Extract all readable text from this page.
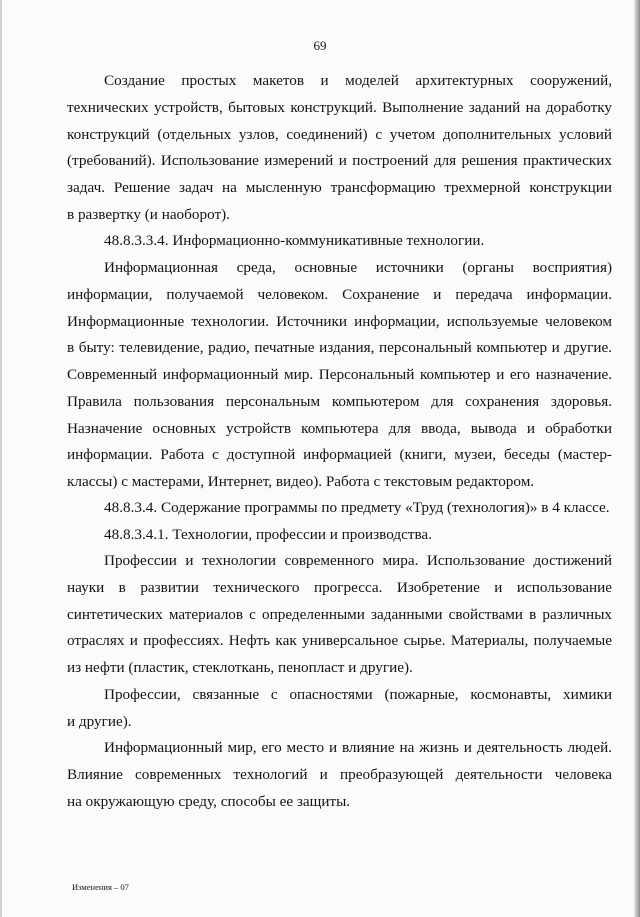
69
Создание простых макетов и моделей архитектурных сооружений,
технических устройств, бытовых конструкций. Выполнение заданий на доработку
конструкций (отдельных узлов, соединений) с учетом дополнительных условий
(требований). Использование измерений и построений для решения практических
задач. Решение задач на мысленную трансформацию трехмерной конструкции
в развертку (и наоборот).
48.8.3.3.4. Информационно-коммуникативные технологии.
Информационная среда, основные источники (органы восприятия)
информации, получаемой человеком. Сохранение и передача информации.
Информационные технологии. Источники информации, используемые человеком
в быту: телевидение, радио, печатные издания, персональный компьютер и другие.
Современный информационный мир. Персональный компьютер и его назначение.
Правила пользования персональным компьютером для сохранения здоровья.
Назначение основных устройств компьютера для ввода, вывода и обработки
информации. Работа с доступной информацией (книги, музеи, беседы (мастер-
классы) с мастерами, Интернет, видео). Работа с текстовым редактором.
48.8.3.4. Содержание программы по предмету «Труд (технология)» в 4 классе.
48.8.3.4.1. Технологии, профессии и производства.
Профессии и технологии современного мира. Использование достижений
науки в развитии технического прогресса. Изобретение и использование
синтетических материалов с определенными заданными свойствами в различных
отраслях и профессиях. Нефть как универсальное сырье. Материалы, получаемые
из нефти (пластик, стеклоткань, пенопласт и другие).
Профессии, связанные с опасностями (пожарные, космонавты, химики
и другие).
Информационный мир, его место и влияние на жизнь и деятельность людей.
Влияние современных технологий и преобразующей деятельности человека
на окружающую среду, способы ее защиты.
Изменения – 07
